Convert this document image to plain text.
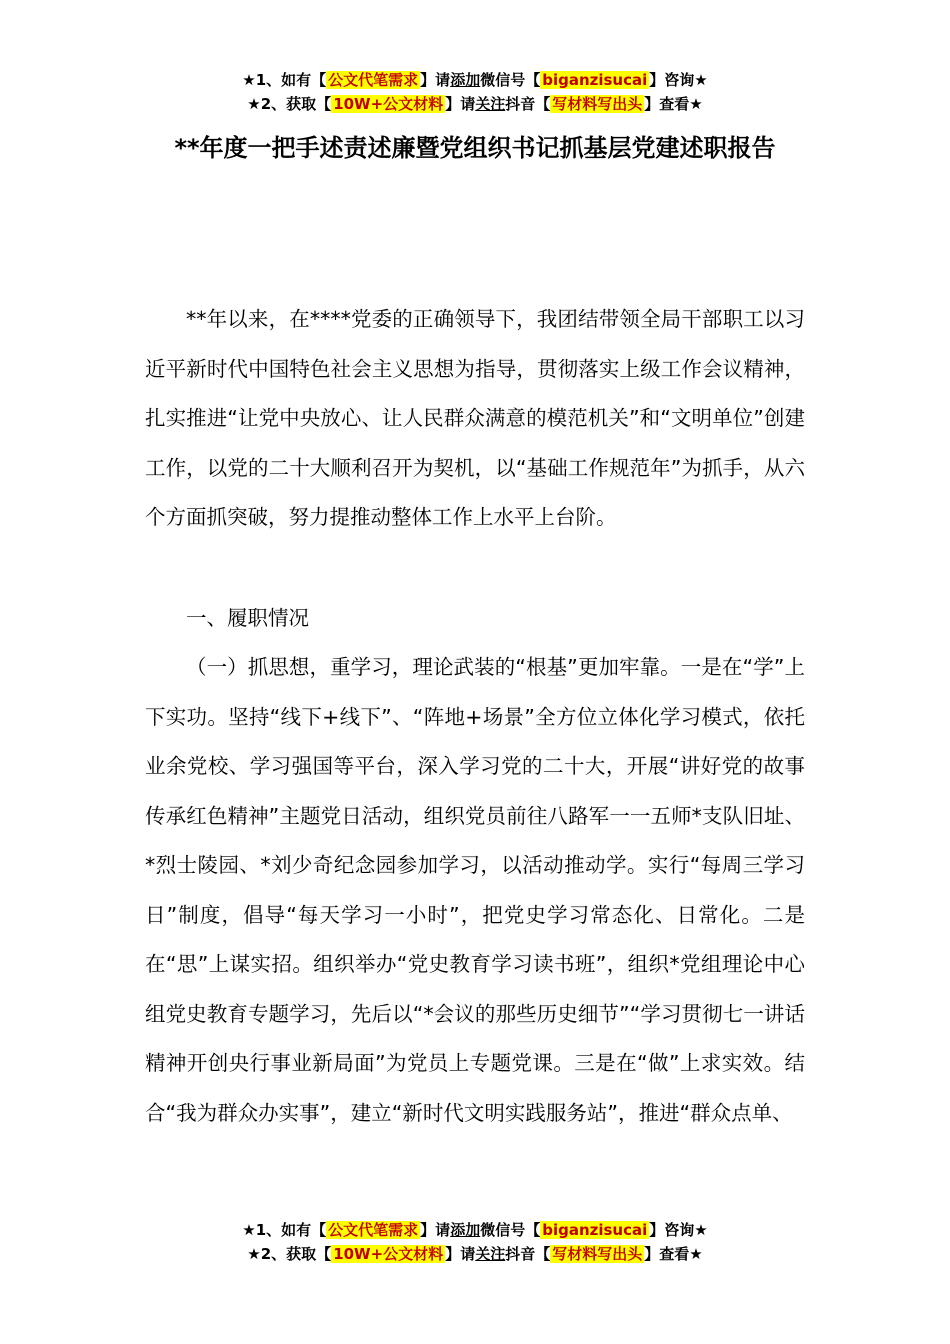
★1、如有【 公文代笔需求 】请添加微信号【 biganzisucai 】咨询★
★2、获取【 10W+公文材料 】请关注抖音【 写材料写出头 】查看★
**年度一把手述责述廉暨党组织书记抓基层党建述职报告

**年以来，在****党委的正确领导下，我团结带领全局干部职工以习近平新时代中国特色社会主义思想为指导，贯彻落实上级工作会议精神，扎实推进“让党中央放心、让人民群众满意的模范机关”和“文明单位”创建工作，以党的二十大顺利召开为契机，以“基础工作规范年”为抓手，从六个方面抓突破，努力提推动整体工作上水平上台阶。

一、履职情况

（一）抓思想，重学习，理论武装的“根基”更加牢靠。一是在“学”上下实功。坚持“线下+线下”、“阵地+场景”全方位立体化学习模式，依托业余党校、学习强国等平台，深入学习党的二十大，开展“讲好党的故事传承红色精神”主题党日活动，组织党员前往八路军一一五师*支队旧址、*烈士陵园、*刘少奇纪念园参加学习，以活动推动学。实行“每周三学习日”制度，倡导“每天学习一小时”，把党史学习常态化、日常化。二是在“思”上谋实招。组织举办“党史教育学习读书班”，组织*党组理论中心组党史教育专题学习，先后以“*会议的那些历史细节”“学习贯彻七一讲话精神开创央行事业新局面”为党员上专题党课。三是在“做”上求实效。结合“我为群众办实事”，建立“新时代文明实践服务站”，推进“群众点单、

★1、如有【 公文代笔需求 】请添加微信号【 biganzisucai 】咨询★
★2、获取【 10W+公文材料 】请关注抖音【 写材料写出头 】查看★
